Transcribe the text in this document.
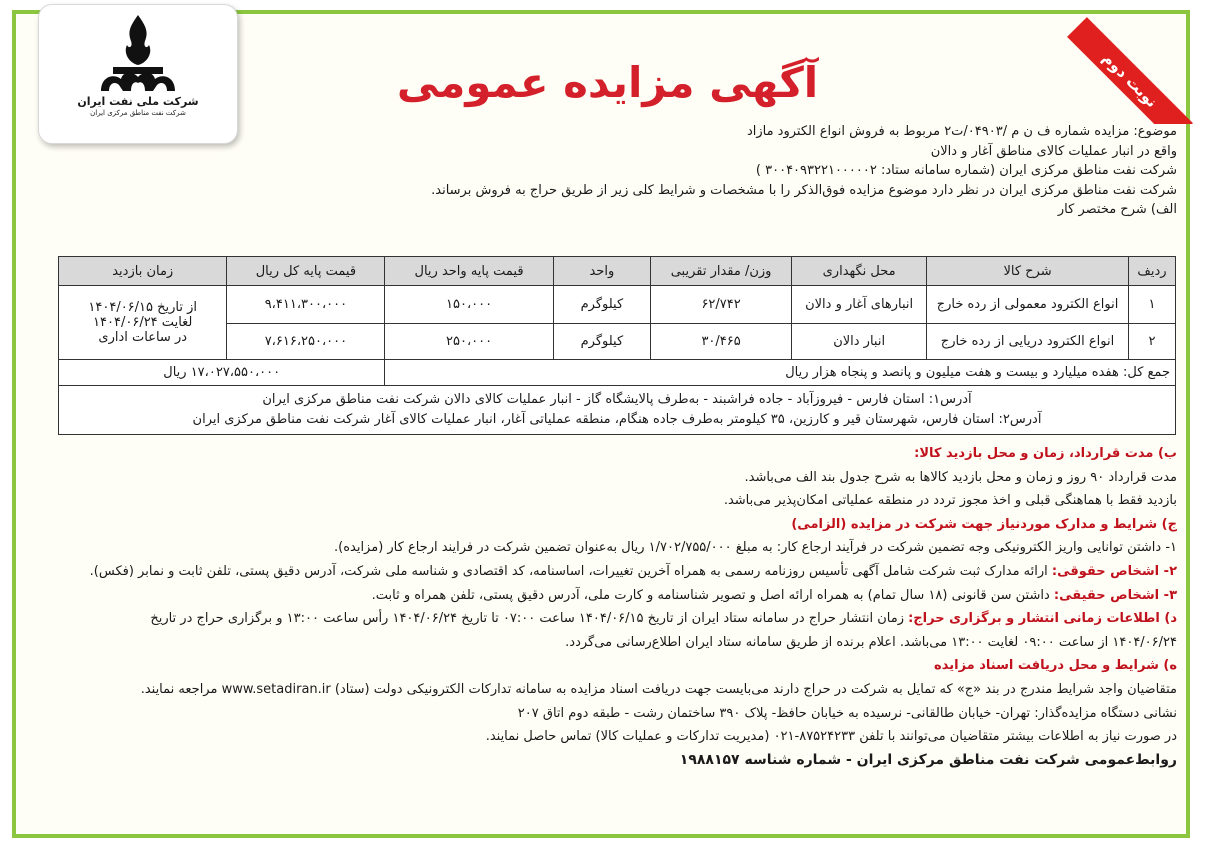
شرکت ملی نفت ایران
شرکت نفت مناطق مرکزی ایران
نوبت دوم
آگهی مزایده عمومی
موضوع: مزایده شماره ف ن م /۰۴۹۰۳/ت۲ مربوط به فروش انواع الکترود مازاد
واقع در انبار عملیات کالای مناطق آغار و دالان
شرکت نفت مناطق مرکزی ایران (شماره سامانه ستاد: ۳۰۰۴۰۹۳۲۲۱۰۰۰۰۰۲ )
شرکت نفت مناطق مرکزی ایران در نظر دارد موضوع مزایده فوق‌الذکر را با مشخصات و شرایط کلی زیر از طریق حراج به فروش برساند.
الف) شرح مختصر کار
ردیف	شرح کالا	محل نگهداری	وزن/ مقدار تقریبی	واحد	قیمت پایه واحد ریال	قیمت پایه کل ریال	زمان بازدید
۱	انواع الکترود معمولی از رده خارج	انبارهای آغار و دالان	۶۲/۷۴۲	کیلوگرم	۱۵۰،۰۰۰	۹،۴۱۱،۳۰۰،۰۰۰	از تاریخ ۱۴۰۴/۰۶/۱۵
لغایت ۱۴۰۴/۰۶/۲۴
در ساعات اداری

۲	انواع الکترود دریایی از رده خارج	انبار دالان	۳۰/۴۶۵	کیلوگرم	۲۵۰،۰۰۰	۷،۶۱۶،۲۵۰،۰۰۰	
جمع کل: هفده میلیارد و بیست و هفت میلیون و پانصد و پنجاه هزار ریال						۱۷،۰۲۷،۵۵۰،۰۰۰ ریال	

آدرس۱: استان فارس - فیروزآباد - جاده فراشبند - به‌طرف پالایشگاه گاز - انبار عملیات کالای دالان شرکت نفت مناطق مرکزی ایران
آدرس۲: استان فارس، شهرستان قیر و کارزین، ۳۵ کیلومتر به‌طرف جاده هنگام، منطقه عملیاتی آغار، انبار عملیات کالای آغار شرکت نفت مناطق مرکزی ایران							

ب) مدت قرارداد، زمان و محل بازدید کالا:

مدت قرارداد ۹۰ روز و زمان و محل بازدید کالاها به شرح جدول بند الف می‌باشد.

بازدید فقط با هماهنگی قبلی و اخذ مجوز تردد در منطقه عملیاتی امکان‌پذیر می‌باشد.

ج) شرایط و مدارک موردنیاز جهت شرکت در مزایده (الزامی)

۱- داشتن توانایی واریز الکترونیکی وجه تضمین شرکت در فرآیند ارجاع کار: به مبلغ ۱/۷۰۲/۷۵۵/۰۰۰ ریال به‌عنوان تضمین شرکت در فرایند ارجاع کار (مزایده).

۲- اشخاص حقوقی: ارائه مدارک ثبت شرکت شامل آگهی تأسیس روزنامه رسمی به همراه آخرین تغییرات، اساسنامه، کد اقتصادی و شناسه ملی شرکت، آدرس دقیق پستی، تلفن ثابت و نمابر (فکس).

۳- اشخاص حقیقی: داشتن سن قانونی (۱۸ سال تمام) به همراه ارائه اصل و تصویر شناسنامه و کارت ملی، آدرس دقیق پستی، تلفن همراه و ثابت.

د) اطلاعات زمانی انتشار و برگزاری حراج: زمان انتشار حراج در سامانه ستاد ایران از تاریخ ۱۴۰۴/۰۶/۱۵ ساعت ۰۷:۰۰ تا تاریخ ۱۴۰۴/۰۶/۲۴ رأس ساعت ۱۳:۰۰ و برگزاری حراج در تاریخ

۱۴۰۴/۰۶/۲۴ از ساعت ۰۹:۰۰ لغایت ۱۳:۰۰ می‌باشد. اعلام برنده از طریق سامانه ستاد ایران اطلاع‌رسانی می‌گردد.

ه) شرایط و محل دریافت اسناد مزایده

متقاضیان واجد شرایط مندرج در بند «ج» که تمایل به شرکت در حراج دارند می‌بایست جهت دریافت اسناد مزایده به سامانه تدارکات الکترونیکی دولت (ستاد) www.setadiran.ir مراجعه نمایند.

نشانی دستگاه مزایده‌گذار: تهران- خیابان طالقانی- نرسیده به خیابان حافظ- پلاک ۳۹۰ ساختمان رشت - طبقه دوم اتاق ۲۰۷

در صورت نیاز به اطلاعات بیشتر متقاضیان می‌توانند با تلفن ۸۷۵۲۴۲۳۳-۰۲۱ (مدیریت تدارکات و عملیات کالا) تماس حاصل نمایند.

روابط‌عمومی شرکت نفت مناطق مرکزی ایران - شماره شناسه ۱۹۸۸۱۵۷
